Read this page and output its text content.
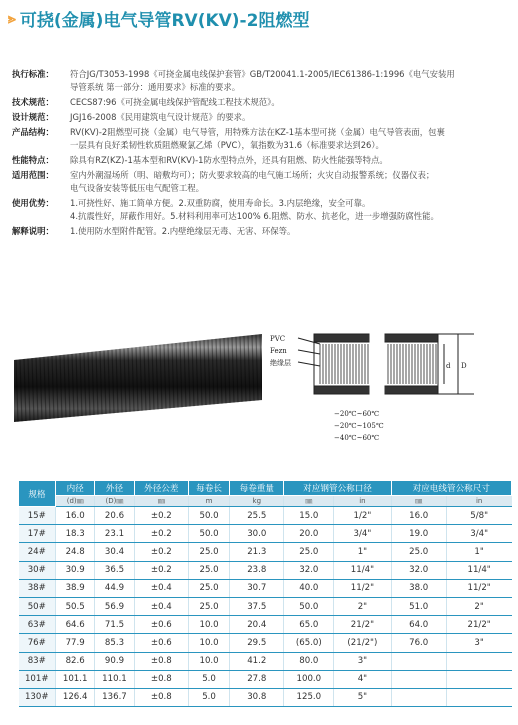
⪢ 可挠(金属)电气导管RV(KV)-2阻燃型
执行标准：	符合JG/T3053-1998《可挠金属电线保护套管》GB/T20041.1-2005/IEC61386-1:1996《电气安装用
导管系统 第一部分：通用要求》标准的要求。
技术规范：	CECS87:96《可挠金属电线保护管配线工程技术规范》。
设计规范：	JGJ16-2008《民用建筑电气设计规范》的要求。
产品结构：	RV(KV)-2阻燃型可挠（金属）电气导管，用特殊方法在KZ-1基本型可挠（金属）电气导管表面，包裹
一层具有良好柔韧性软质阻燃聚氯乙烯（PVC），氧指数为31.6（标准要求达到26）。
性能特点：	除具有RZ(KZ)-1基本型和RV(KV)-1防水型特点外，还具有阻燃、防火性能强等特点。
适用范围：	室内外潮湿场所（明、暗敷均可）；防火要求较高的电气施工场所；火灾自动报警系统；仪器仪表；
电气设备安装等低压电气配管工程。
使用优势：	1.可挠性好、施工简单方便。2.双重防腐，使用寿命长。3.内层绝缘，安全可靠。
4.抗震性好，屏蔽作用好。5.材料利用率可达100% 6.阻燃、防水、抗老化，进一步增强防腐性能。
解释说明：	1.使用防水型附件配管。2.内壁绝缘层无毒、无害、环保等。
PVC
Fezn
绝缘层	d D
−20℃~60℃
−20℃~105℃
−40℃~60℃
规格	内径	外径	外径公差	每卷长	每卷重量	对应钢管公称口径		对应电线管公称尺寸	
	(d)㎜	(D)㎜	㎜	m	kg	㎜	in	㎜	in
15#	16.0	20.6	±0.2	50.0	25.5	15.0	1/2"	16.0	5/8"
17#	18.3	23.1	±0.2	50.0	30.0	20.0	3/4"	19.0	3/4"
24#	24.8	30.4	±0.2	25.0	21.3	25.0	1"	25.0	1"
30#	30.9	36.5	±0.2	25.0	23.8	32.0	11/4"	32.0	11/4"
38#	38.9	44.9	±0.4	25.0	30.7	40.0	11/2"	38.0	11/2"
50#	50.5	56.9	±0.4	25.0	37.5	50.0	2"	51.0	2"
63#	64.6	71.5	±0.6	10.0	20.4	65.0	21/2"	64.0	21/2"
76#	77.9	85.3	±0.6	10.0	29.5	(65.0)	(21/2")	76.0	3"
83#	82.6	90.9	±0.8	10.0	41.2	80.0	3"		
101#	101.1	110.1	±0.8	5.0	27.8	100.0	4"		
130#	126.4	136.7	±0.8	5.0	30.8	125.0	5"		
